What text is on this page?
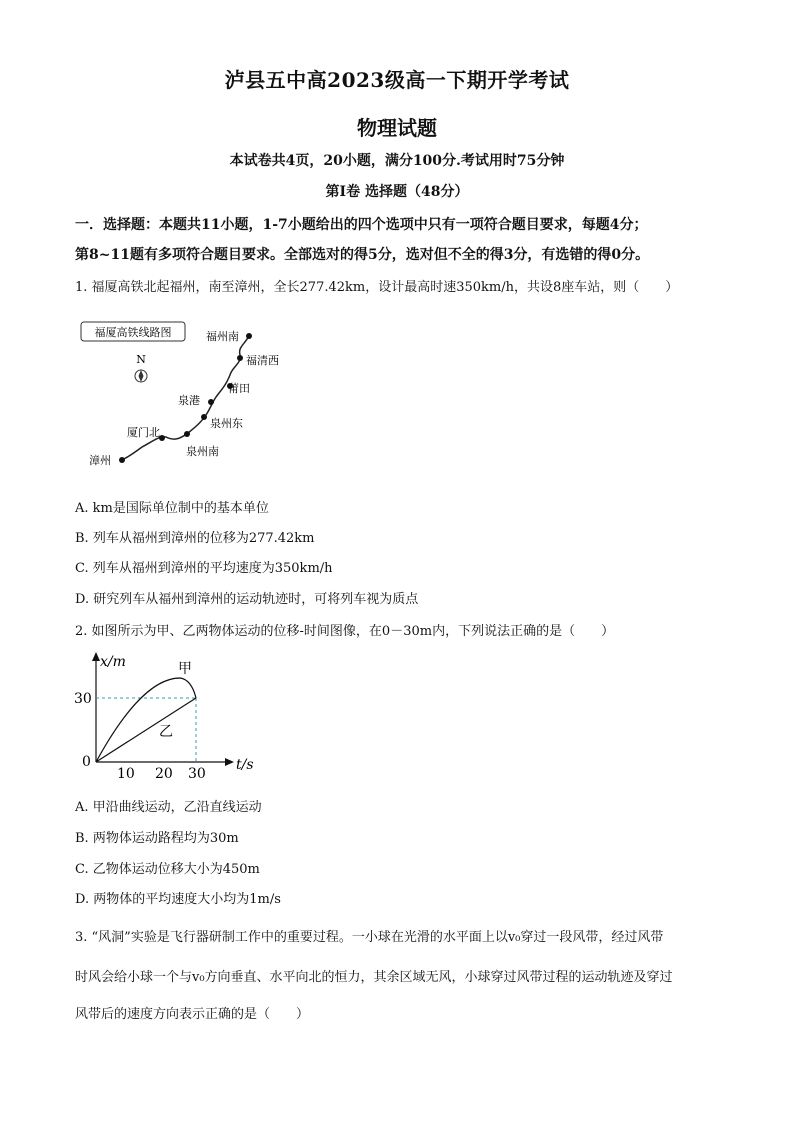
泸县五中高2023级高一下期开学考试
物理试题
本试卷共4页，20小题，满分100分.考试用时75分钟
第I卷 选择题（48分）
一．选择题：本题共11小题，1-7小题给出的四个选项中只有一项符合题目要求，每题4分；
第8~11题有多项符合题目要求。全部选对的得5分，选对但不全的得3分，有选错的得0分。
1. 福厦高铁北起福州，南至漳州，全长277.42km，设计最高时速350km/h，共设8座车站，则（　　）
福厦高铁线路图
N
福州南
福清西
莆田
泉港
泉州东
泉州南
厦门北
漳州
A. km是国际单位制中的基本单位
B. 列车从福州到漳州的位移为277.42km
C. 列车从福州到漳州的平均速度为350km/h
D. 研究列车从福州到漳州的运动轨迹时，可将列车视为质点
2. 如图所示为甲、乙两物体运动的位移-时间图像，在0－30m内，下列说法正确的是（　　）
x/m
t/s
0
30
10 20 30
甲
乙
A. 甲沿曲线运动，乙沿直线运动
B. 两物体运动路程均为30m
C. 乙物体运动位移大小为450m
D. 两物体的平均速度大小均为1m/s
3. “风洞”实验是飞行器研制工作中的重要过程。一小球在光滑的水平面上以v₀穿过一段风带，经过风带
时风会给小球一个与v₀方向垂直、水平向北的恒力，其余区域无风，小球穿过风带过程的运动轨迹及穿过
风带后的速度方向表示正确的是（　　）
